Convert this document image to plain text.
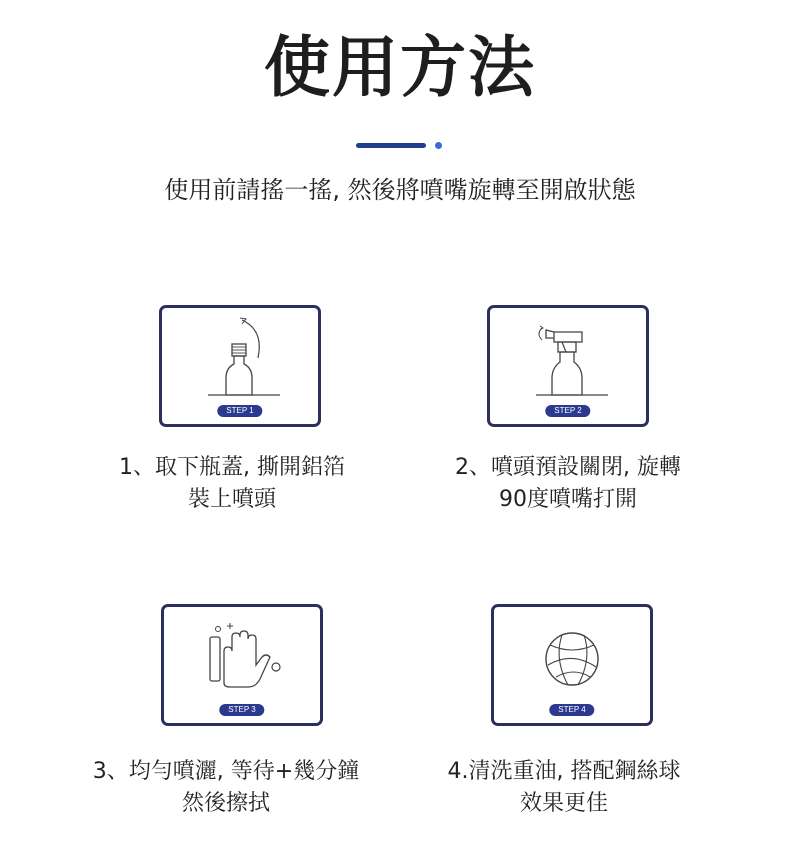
使用方法
使用前請搖一搖, 然後將噴嘴旋轉至開啟狀態
STEP 1	STEP 2
STEP 3	STEP 4
1、取下瓶蓋, 撕開鋁箔
裝上噴頭
2、噴頭預設關閉, 旋轉
90度噴嘴打開
3、均勻噴灑, 等待+幾分鐘
然後擦拭
4.清洗重油, 搭配鋼絲球
效果更佳
